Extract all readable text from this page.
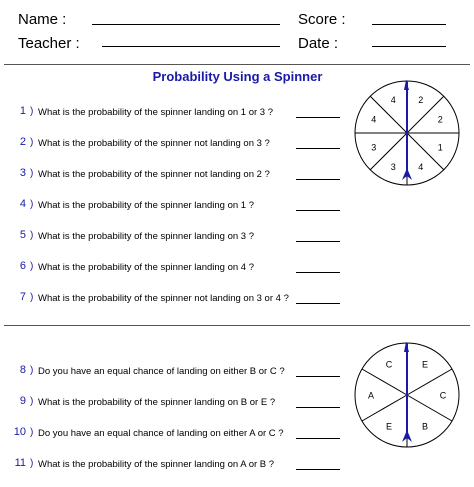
Name :	Score :
Teacher :	Date :
Probability Using a Spinner
1 ) What is the probability of the spinner landing on 1 or 3 ?
2 ) What is the probability of the spinner not landing on 3 ?
3 ) What is the probability of the spinner not landing on 2 ?
4 ) What is the probability of the spinner landing on 1 ?
5 ) What is the probability of the spinner landing on 3 ?
6 ) What is the probability of the spinner landing on 4 ?
7 ) What is the probability of the spinner not landing on 3 or 4 ?
8 ) Do you have an equal chance of landing on either B or C ?
9 ) What is the probability of the spinner landing on B or E ?
10 ) Do you have an equal chance of landing on either A or C ?
11 ) What is the probability of the spinner landing on A or B ?
2
2
1
4
3
3
4
4
E
C
B
E
A
C
